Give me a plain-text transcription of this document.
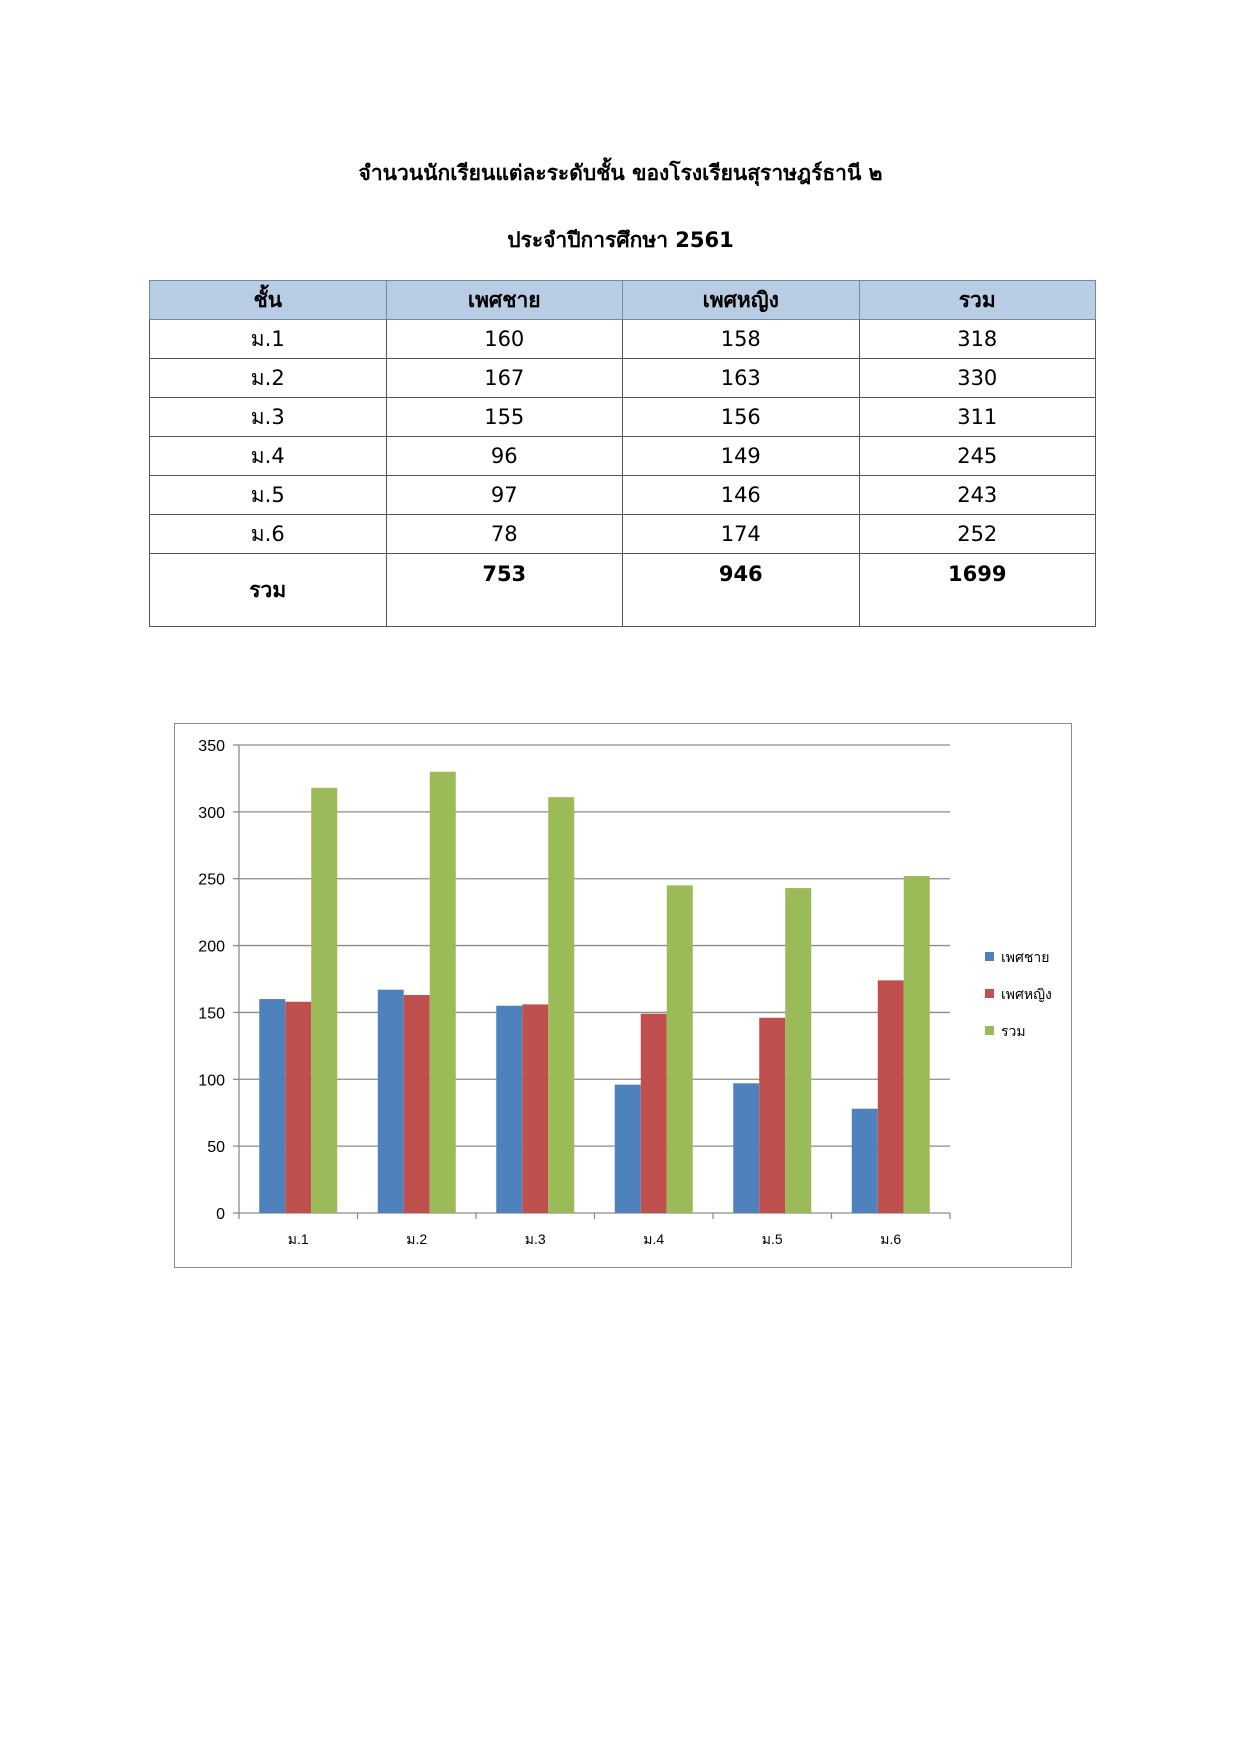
จำนวนนักเรียนแต่ละระดับชั้น ของโรงเรียนสุราษฎร์ธานี ๒
ประจำปีการศึกษา 2561
ชั้น	เพศชาย	เพศหญิง	รวม
ม.1	160	158	318
ม.2	167	163	330
ม.3	155	156	311
ม.4	96	149	245
ม.5	97	146	243
ม.6	78	174	252
รวม	753	946	1699
0
50
100
150
200
250
300
350
ม.1	ม.2	ม.3	ม.4	ม.5	ม.6
เพศชาย
เพศหญิง
รวม
